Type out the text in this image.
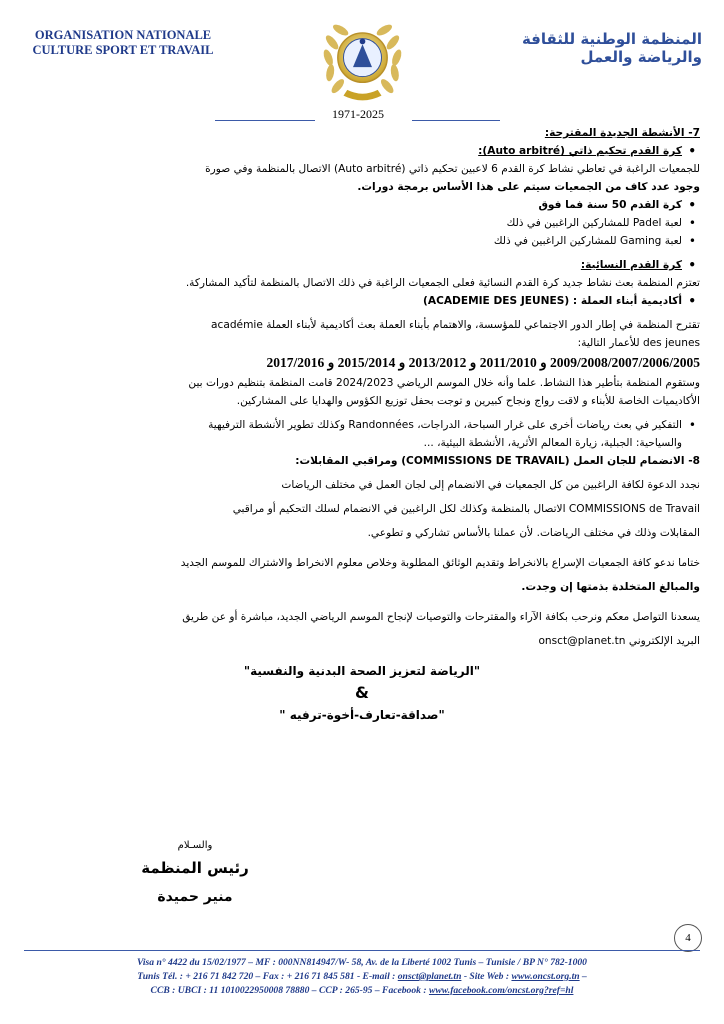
ORGANISATION NATIONALE
CULTURE SPORT ET TRAVAIL
المنظمة الوطنية للثقافة والرياضة والعمل
1971-2025

7- الأنشطة الجديدة المقترحة:

• كرة القدم تحكيم ذاتي (Auto arbitré):

للجمعيات الراغبة في تعاطي نشاط كرة القدم 6 لاعبين تحكيم ذاتي (Auto arbitré) الاتصال بالمنظمة وفي صورة

وجود عدد كاف من الجمعيات سيتم على هذا الأساس برمجة دورات.

• كرة القدم 50 سنة فما فوق

• لعبة Padel للمشاركين الراغبين في ذلك

• لعبة Gaming للمشاركين الراغبين في ذلك

• كرة القدم النسائية:

تعتزم المنظمة بعث نشاط جديد كرة القدم النسائية فعلى الجمعيات الراغبة في ذلك الاتصال بالمنظمة لتأكيد المشاركة.

• أكاديمية أبناء العملة : (ACADEMIE DES JEUNES)

تقترح المنظمة في إطار الدور الاجتماعي للمؤسسة، والاهتمام بأبناء العملة بعث أكاديمية لأبناء العملة académie

des jeunes للأعمار التالية:

2009/2008/2007/2006/2005 و 2011/2010 و 2013/2012 و 2015/2014 و 2017/2016

وستقوم المنظمة بتأطير هذا النشاط. علما وأنه خلال الموسم الرياضي 2024/2023 قامت المنظمة بتنظيم دورات بين

الأكاديميات الخاصة للأبناء و لاقت رواج ونجاح كبيرين و توجت بحفل توزيع الكؤوس والهدايا على المشاركين.

• التفكير في بعث رياضات أخرى على غرار السباحة، الدراجات، Randonnées وكذلك تطوير الأنشطة الترفيهية

والسياحية: الجبلية، زيارة المعالم الأثرية، الأنشطة البيئية، ...

8- الانضمام للجان العمل (COMMISSIONS DE TRAVAIL) ومراقبي المقابلات:

نجدد الدعوة لكافة الراغبين من كل الجمعيات في الانضمام إلى لجان العمل في مختلف الرياضات

COMMISSIONS de Travail الاتصال بالمنظمة وكذلك لكل الراغبين في الانضمام لسلك التحكيم أو مراقبي

المقابلات وذلك في مختلف الرياضات. لأن عملنا بالأساس تشاركي و تطوعي.

ختاما ندعو كافة الجمعيات الإسراع بالانخراط وتقديم الوثائق المطلوبة وخلاص معلوم الانخراط والاشتراك للموسم الجديد

والمبالغ المتخلدة بذمتها إن وجدت.

يسعدنا التواصل معكم ونرحب بكافة الآراء والمقترحات والتوصيات لإنجاح الموسم الرياضي الجديد، مباشرة أو عن طريق

البريد الإلكتروني onsct@planet.tn

"الرياضة لتعزيز الصحة البدنية والنفسية"

&

"صداقة-تعارف-أخوة-ترفيه "

والسـلام
رئيس المنظمة
منير حميدة
4
Visa n° 4422 du 15/02/1977 – MF : 000NN814947/W- 58, Av. de la Liberté 1002 Tunis – Tunisie / BP N° 782-1000
Tunis Tél. : + 216 71 842 720 – Fax : + 216 71 845 581 - E-mail : onsct@planet.tn - Site Web : www.oncst.org.tn –
CCB : UBCI : 11 1010022950008 78880 – CCP : 265-95 – Facebook : www.facebook.com/oncst.org?ref=hl
